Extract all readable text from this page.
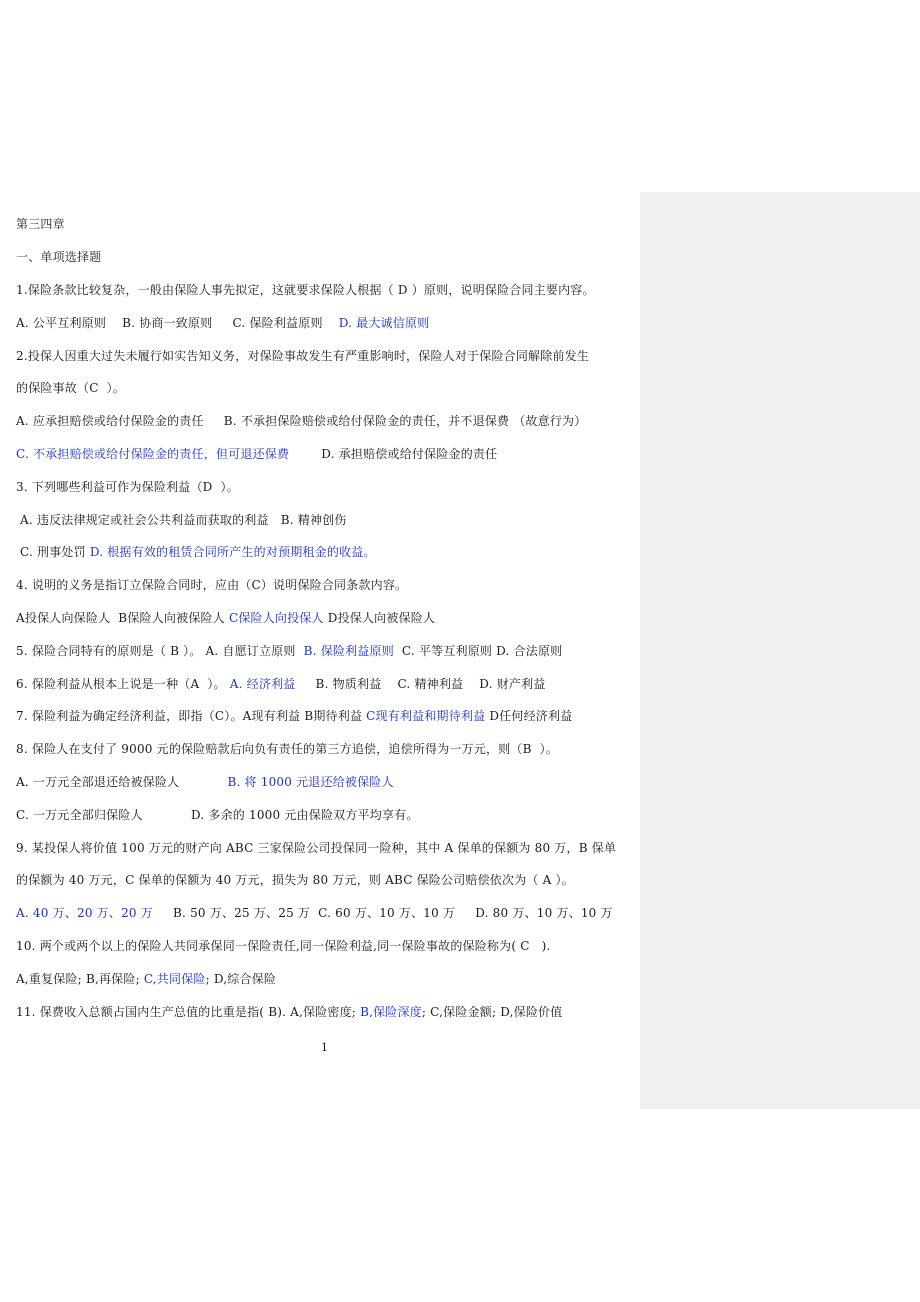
第三四章
一、单项选择题
1.保险条款比较复杂，一般由保险人事先拟定，这就要求保险人根据（ D ）原则，说明保险合同主要内容。
A. 公平互利原则    B. 协商一致原则     C. 保险利益原则    D. 最大诚信原则
2.投保人因重大过失未履行如实告知义务，对保险事故发生有严重影响时，保险人对于保险合同解除前发生
的保险事故（C  ）。
A. 应承担赔偿或给付保险金的责任     B. 不承担保险赔偿或给付保险金的责任，并不退保费 （故意行为）
C. 不承担赔偿或给付保险金的责任，但可退还保费        D. 承担赔偿或给付保险金的责任
3. 下列哪些利益可作为保险利益（D  ）。
A. 违反法律规定或社会公共利益而获取的利益   B. 精神创伤
C. 刑事处罚 D. 根据有效的租赁合同所产生的对预期租金的收益。
4. 说明的义务是指订立保险合同时，应由（C）说明保险合同条款内容。
A投保人向保险人  B保险人向被保险人 C保险人向投保人 D投保人向被保险人
5. 保险合同特有的原则是（ B ）。 A. 自愿订立原则  B. 保险利益原则  C. 平等互利原则 D. 合法原则
6. 保险利益从根本上说是一种（A  ）。 A. 经济利益     B. 物质利益    C. 精神利益    D. 财产利益
7. 保险利益为确定经济利益，即指（C）。A现有利益 B期待利益 C现有利益和期待利益 D任何经济利益
8. 保险人在支付了 9000 元的保险赔款后向负有责任的第三方追偿，追偿所得为一万元，则（B  ）。
A. 一万元全部退还给被保险人            B. 将 1000 元退还给被保险人
C. 一万元全部归保险人            D. 多余的 1000 元由保险双方平均享有。
9. 某投保人将价值 100 万元的财产向 ABC 三家保险公司投保同一险种，其中 A 保单的保额为 80 万，B 保单
的保额为 40 万元，C 保单的保额为 40 万元，损失为 80 万元，则 ABC 保险公司赔偿依次为（ A ）。
A. 40 万、20 万、20 万     B. 50 万、25 万、25 万  C. 60 万、10 万、10 万     D. 80 万、10 万、10 万
10. 两个或两个以上的保险人共同承保同一保险责任,同一保险利益,同一保险事故的保险称为( C   ).
A,重复保险; B,再保险; C,共同保险; D,综合保险
11. 保费收入总额占国内生产总值的比重是指( B). A,保险密度; B,保险深度; C,保险金额; D,保险价值
1
